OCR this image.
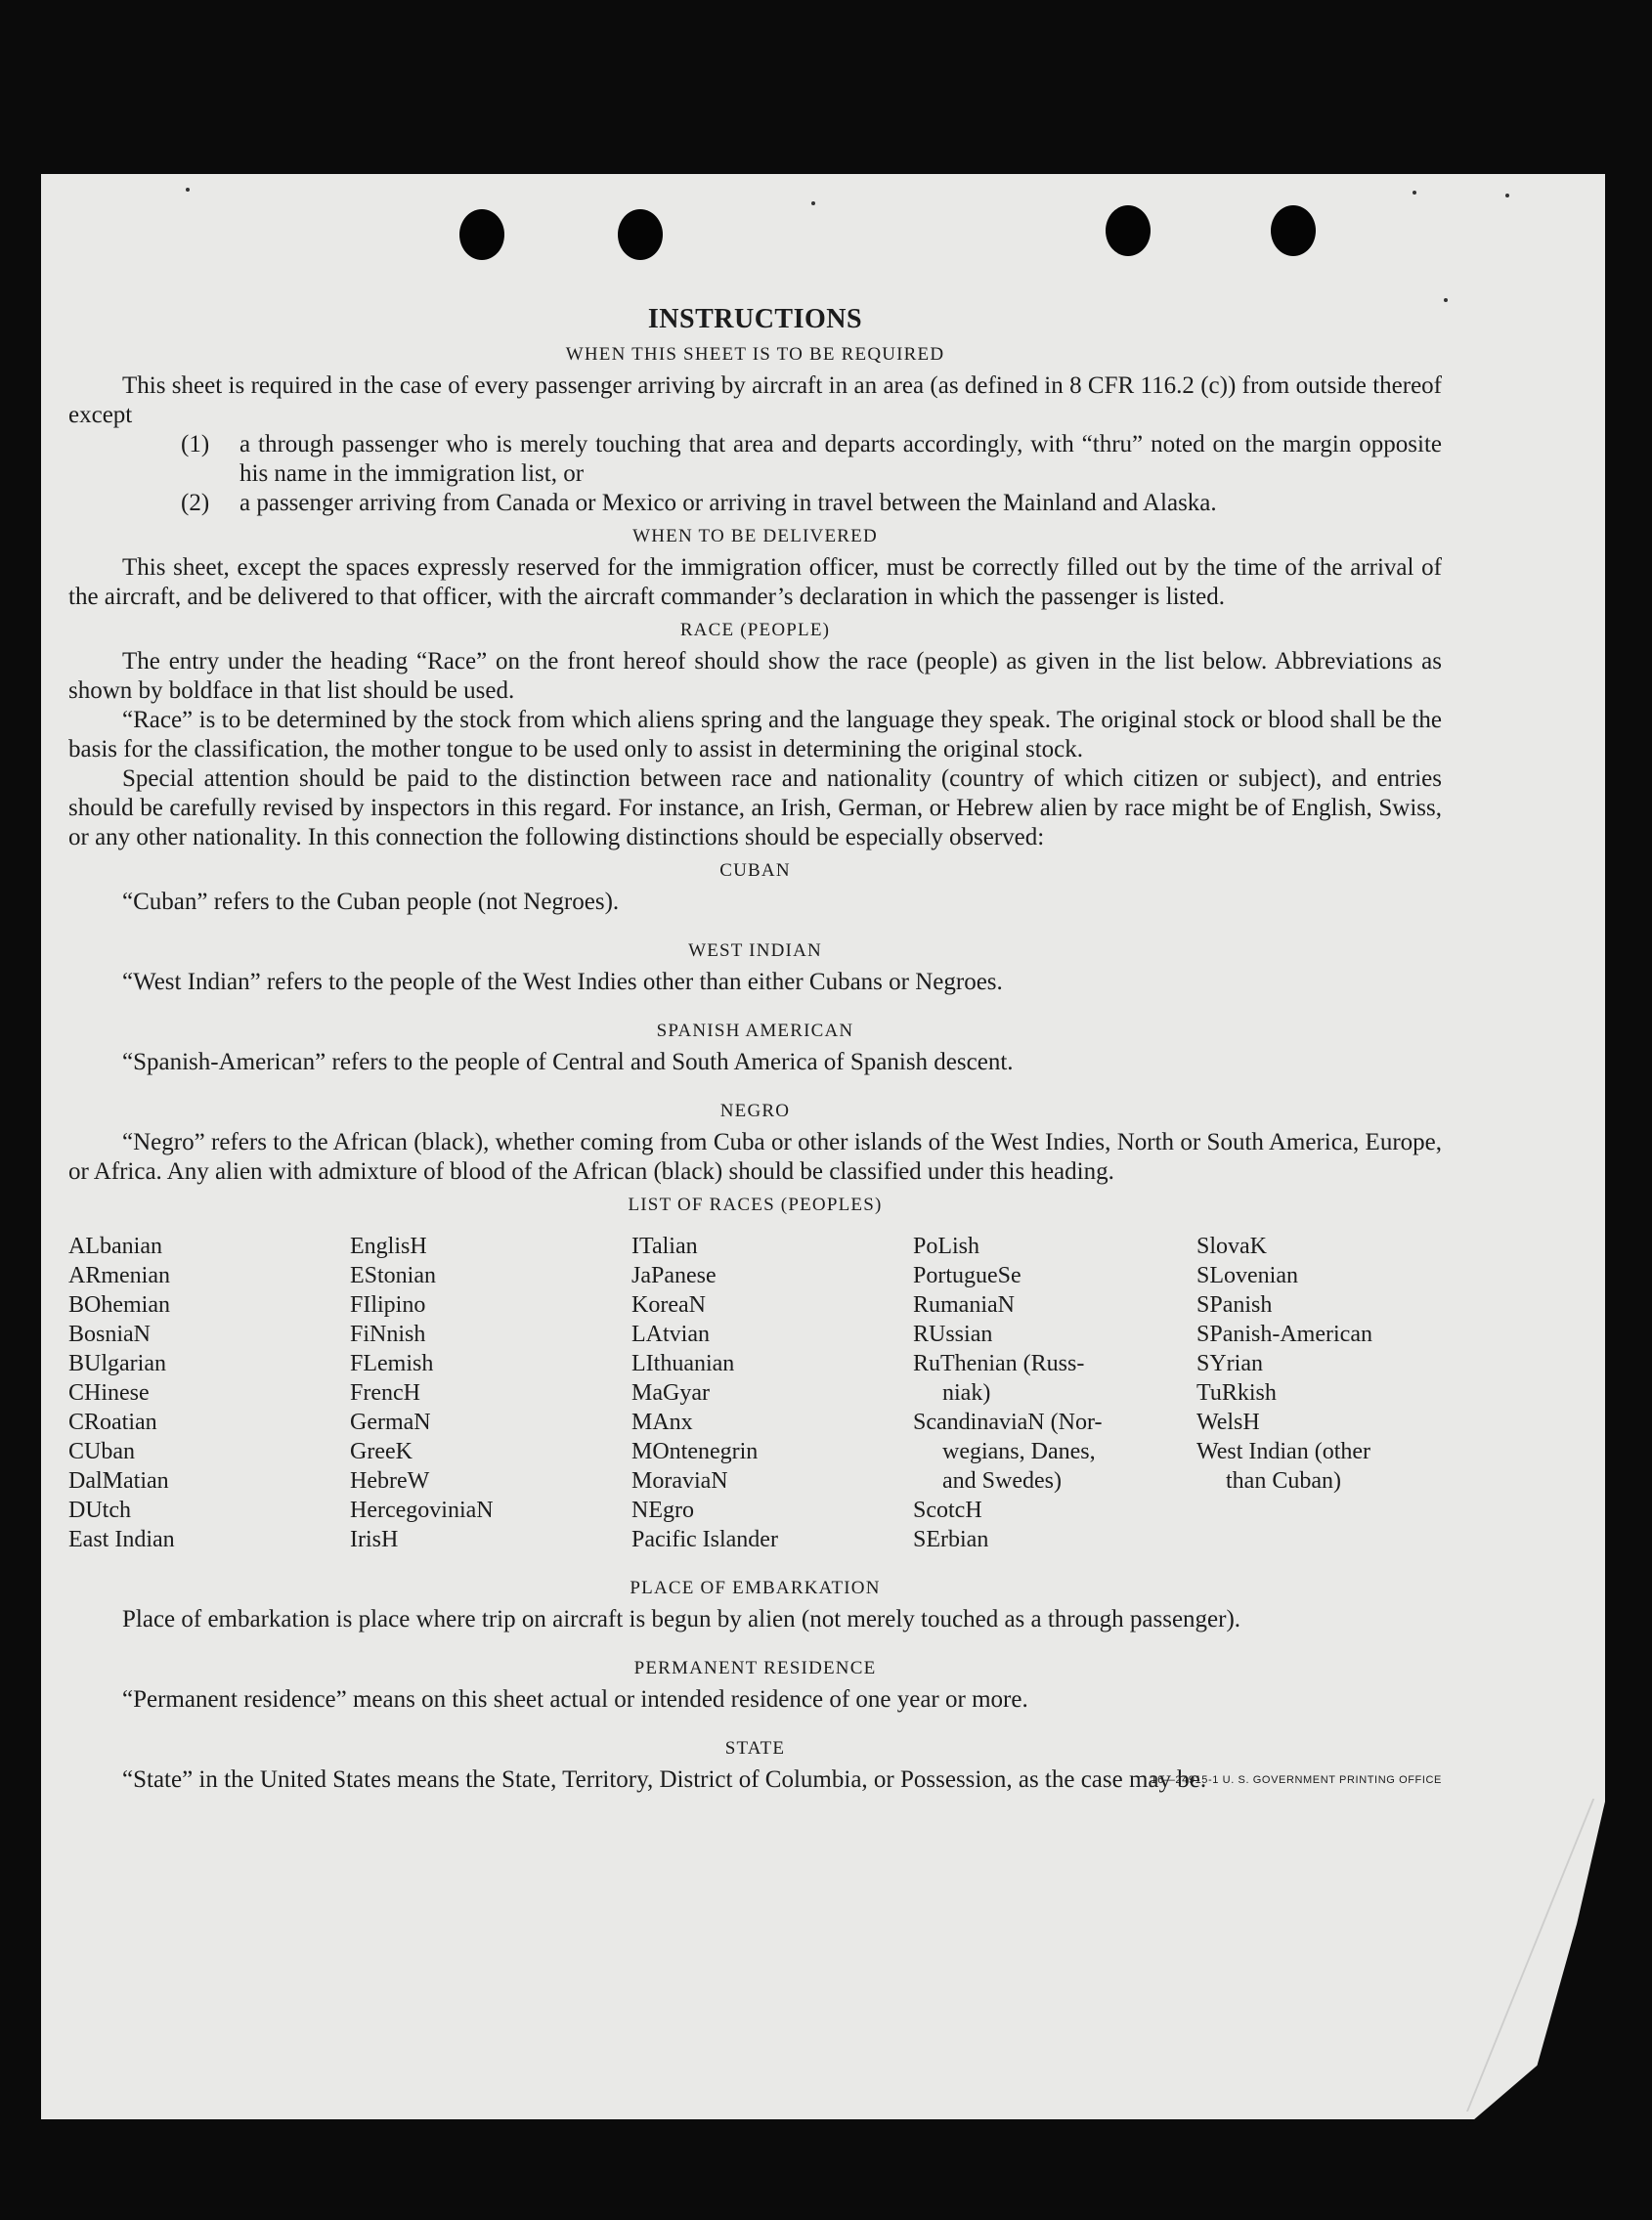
INSTRUCTIONS
WHEN THIS SHEET IS TO BE REQUIRED

This sheet is required in the case of every passenger arriving by aircraft in an area (as defined in 8 CFR 116.2 (c)) from outside thereof except

(1)	a through passenger who is merely touching that area and departs accordingly, with “thru” noted on the margin opposite his name in the immigration list, or
(2)	a passenger arriving from Canada or Mexico or arriving in travel between the Mainland and Alaska.
WHEN TO BE DELIVERED

This sheet, except the spaces expressly reserved for the immigration officer, must be correctly filled out by the time of the arrival of the aircraft, and be delivered to that officer, with the aircraft commander’s declaration in which the passenger is listed.

RACE (PEOPLE)

The entry under the heading “Race” on the front hereof should show the race (people) as given in the list below. Abbreviations as shown by boldface in that list should be used.

“Race” is to be determined by the stock from which aliens spring and the language they speak. The original stock or blood shall be the basis for the classification, the mother tongue to be used only to assist in determining the original stock.

Special attention should be paid to the distinction between race and nationality (country of which citizen or subject), and entries should be carefully revised by inspectors in this regard. For instance, an Irish, German, or Hebrew alien by race might be of English, Swiss, or any other nationality. In this connection the following distinctions should be especially observed:

CUBAN

“Cuban” refers to the Cuban people (not Negroes).

WEST INDIAN

“West Indian” refers to the people of the West Indies other than either Cubans or Negroes.

SPANISH AMERICAN

“Spanish-American” refers to the people of Central and South America of Spanish descent.

NEGRO

“Negro” refers to the African (black), whether coming from Cuba or other islands of the West Indies, North or South America, Europe, or Africa. Any alien with admixture of blood of the African (black) should be classified under this heading.

LIST OF RACES (PEOPLES)
ALbanian
ARmenian
BOhemian
BosniaN
BUlgarian
CHinese
CRoatian
CUban
DalMatian
DUtch
East Indian
EnglisH
EStonian
FIlipino
FiNnish
FLemish
FrencH
GermaN
GreeK
HebreW
HercegoviniaN
IrisH
ITalian
JaPanese
KoreaN
LAtvian
LIthuanian
MaGyar
MAnx
MOntenegrin
MoraviaN
NEgro
Pacific Islander
PoLish
PortugueSe
RumaniaN
RUssian
RuThenian (Russ-
niak)
ScandinaviaN (Nor-
wegians, Danes,
and Swedes)
ScotcH
SErbian
SlovaK
SLovenian
SPanish
SPanish-American
SYrian
TuRkish
WelsH
West Indian (other
than Cuban)
PLACE OF EMBARKATION

Place of embarkation is place where trip on aircraft is begun by alien (not merely touched as a through passenger).

PERMANENT RESIDENCE

“Permanent residence” means on this sheet actual or intended residence of one year or more.

STATE

“State” in the United States means the State, Territory, District of Columbia, or Possession, as the case may be.

16—24915-1 U. S. GOVERNMENT PRINTING OFFICE
